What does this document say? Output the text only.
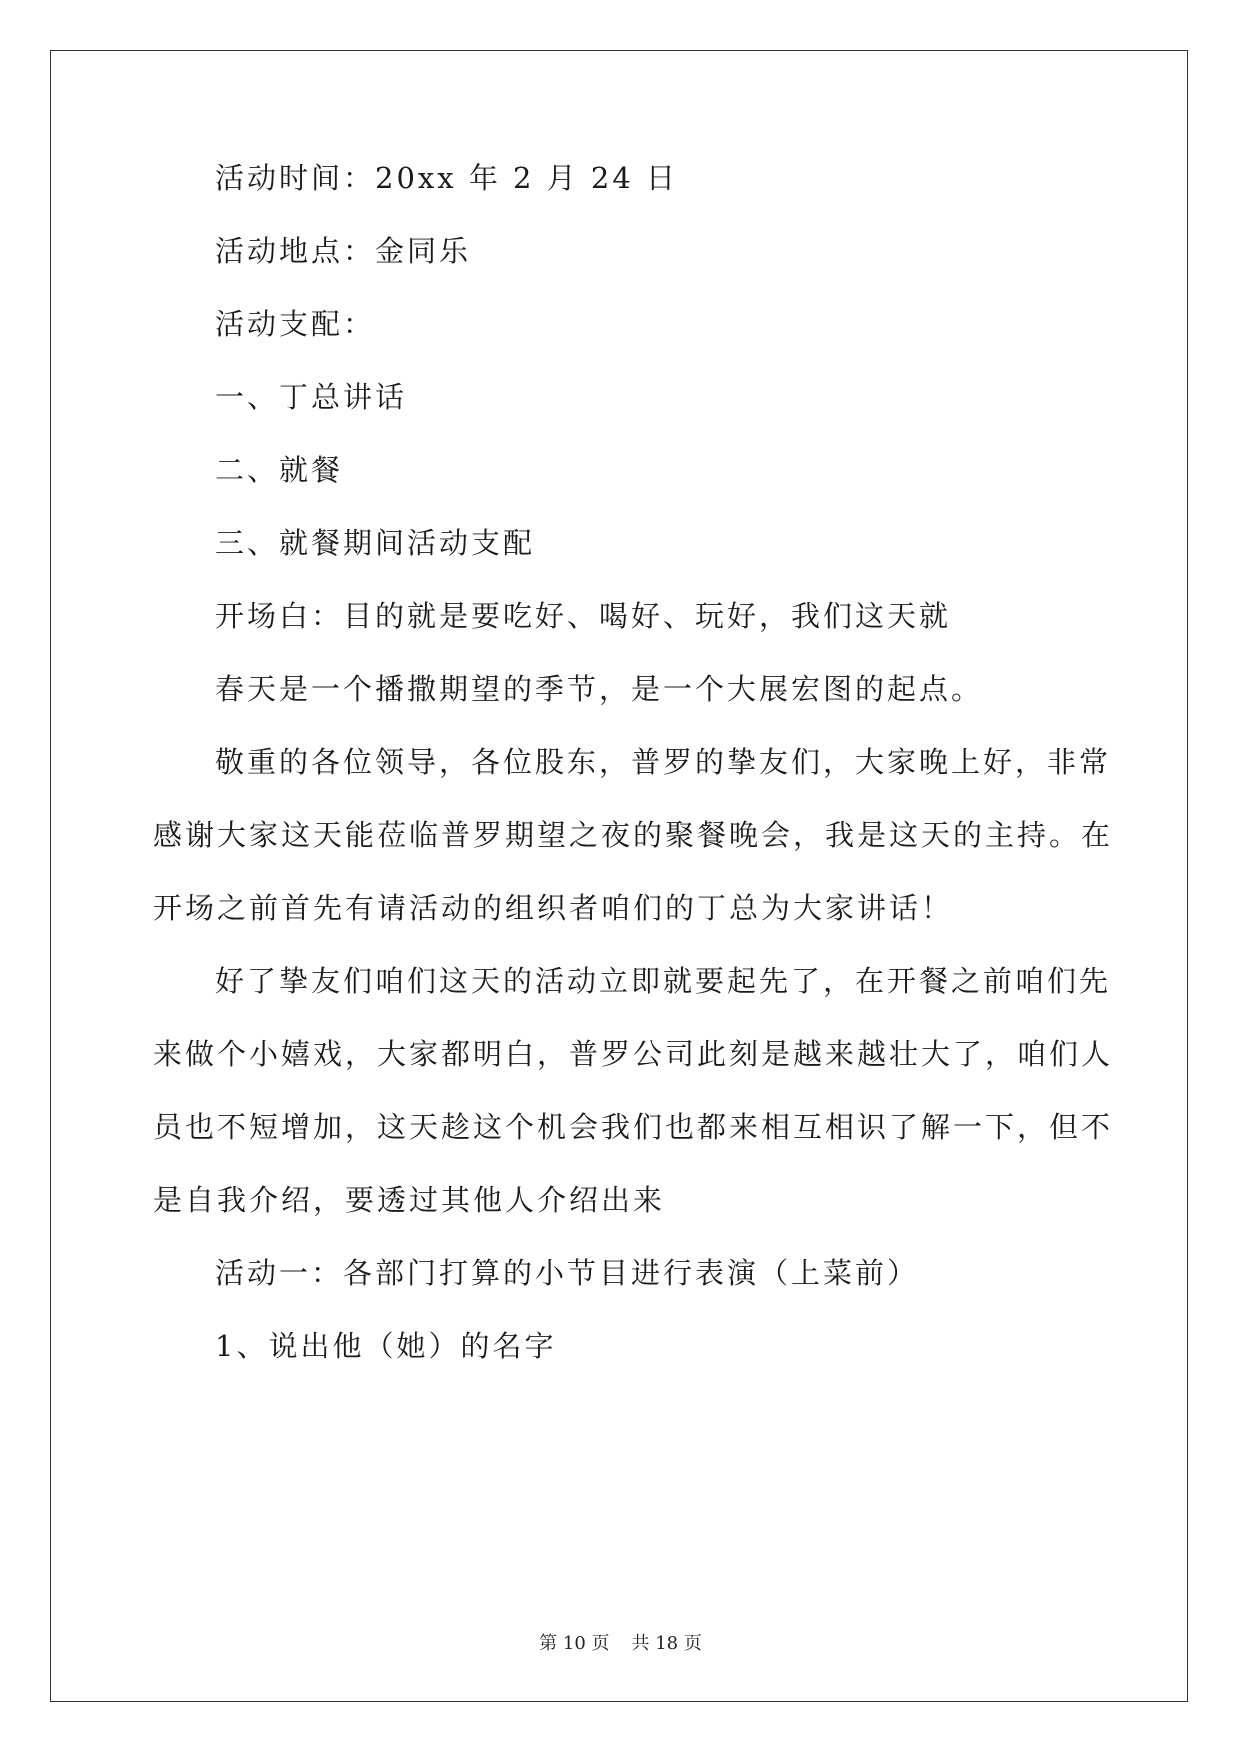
活动时间：20xx 年 2 月 24 日
活动地点：金同乐
活动支配：
一、丁总讲话
二、就餐
三、就餐期间活动支配
开场白：目的就是要吃好、喝好、玩好，我们这天就
春天是一个播撒期望的季节，是一个大展宏图的起点。
敬重的各位领导，各位股东，普罗的挚友们，大家晚上好，非常
感谢大家这天能莅临普罗期望之夜的聚餐晚会，我是这天的主持。在
开场之前首先有请活动的组织者咱们的丁总为大家讲话！
好了挚友们咱们这天的活动立即就要起先了，在开餐之前咱们先
来做个小嬉戏，大家都明白，普罗公司此刻是越来越壮大了，咱们人
员也不短增加，这天趁这个机会我们也都来相互相识了解一下，但不
是自我介绍，要透过其他人介绍出来
活动一：各部门打算的小节目进行表演（上菜前）
1、说出他（她）的名字
第 10 页 共 18 页
